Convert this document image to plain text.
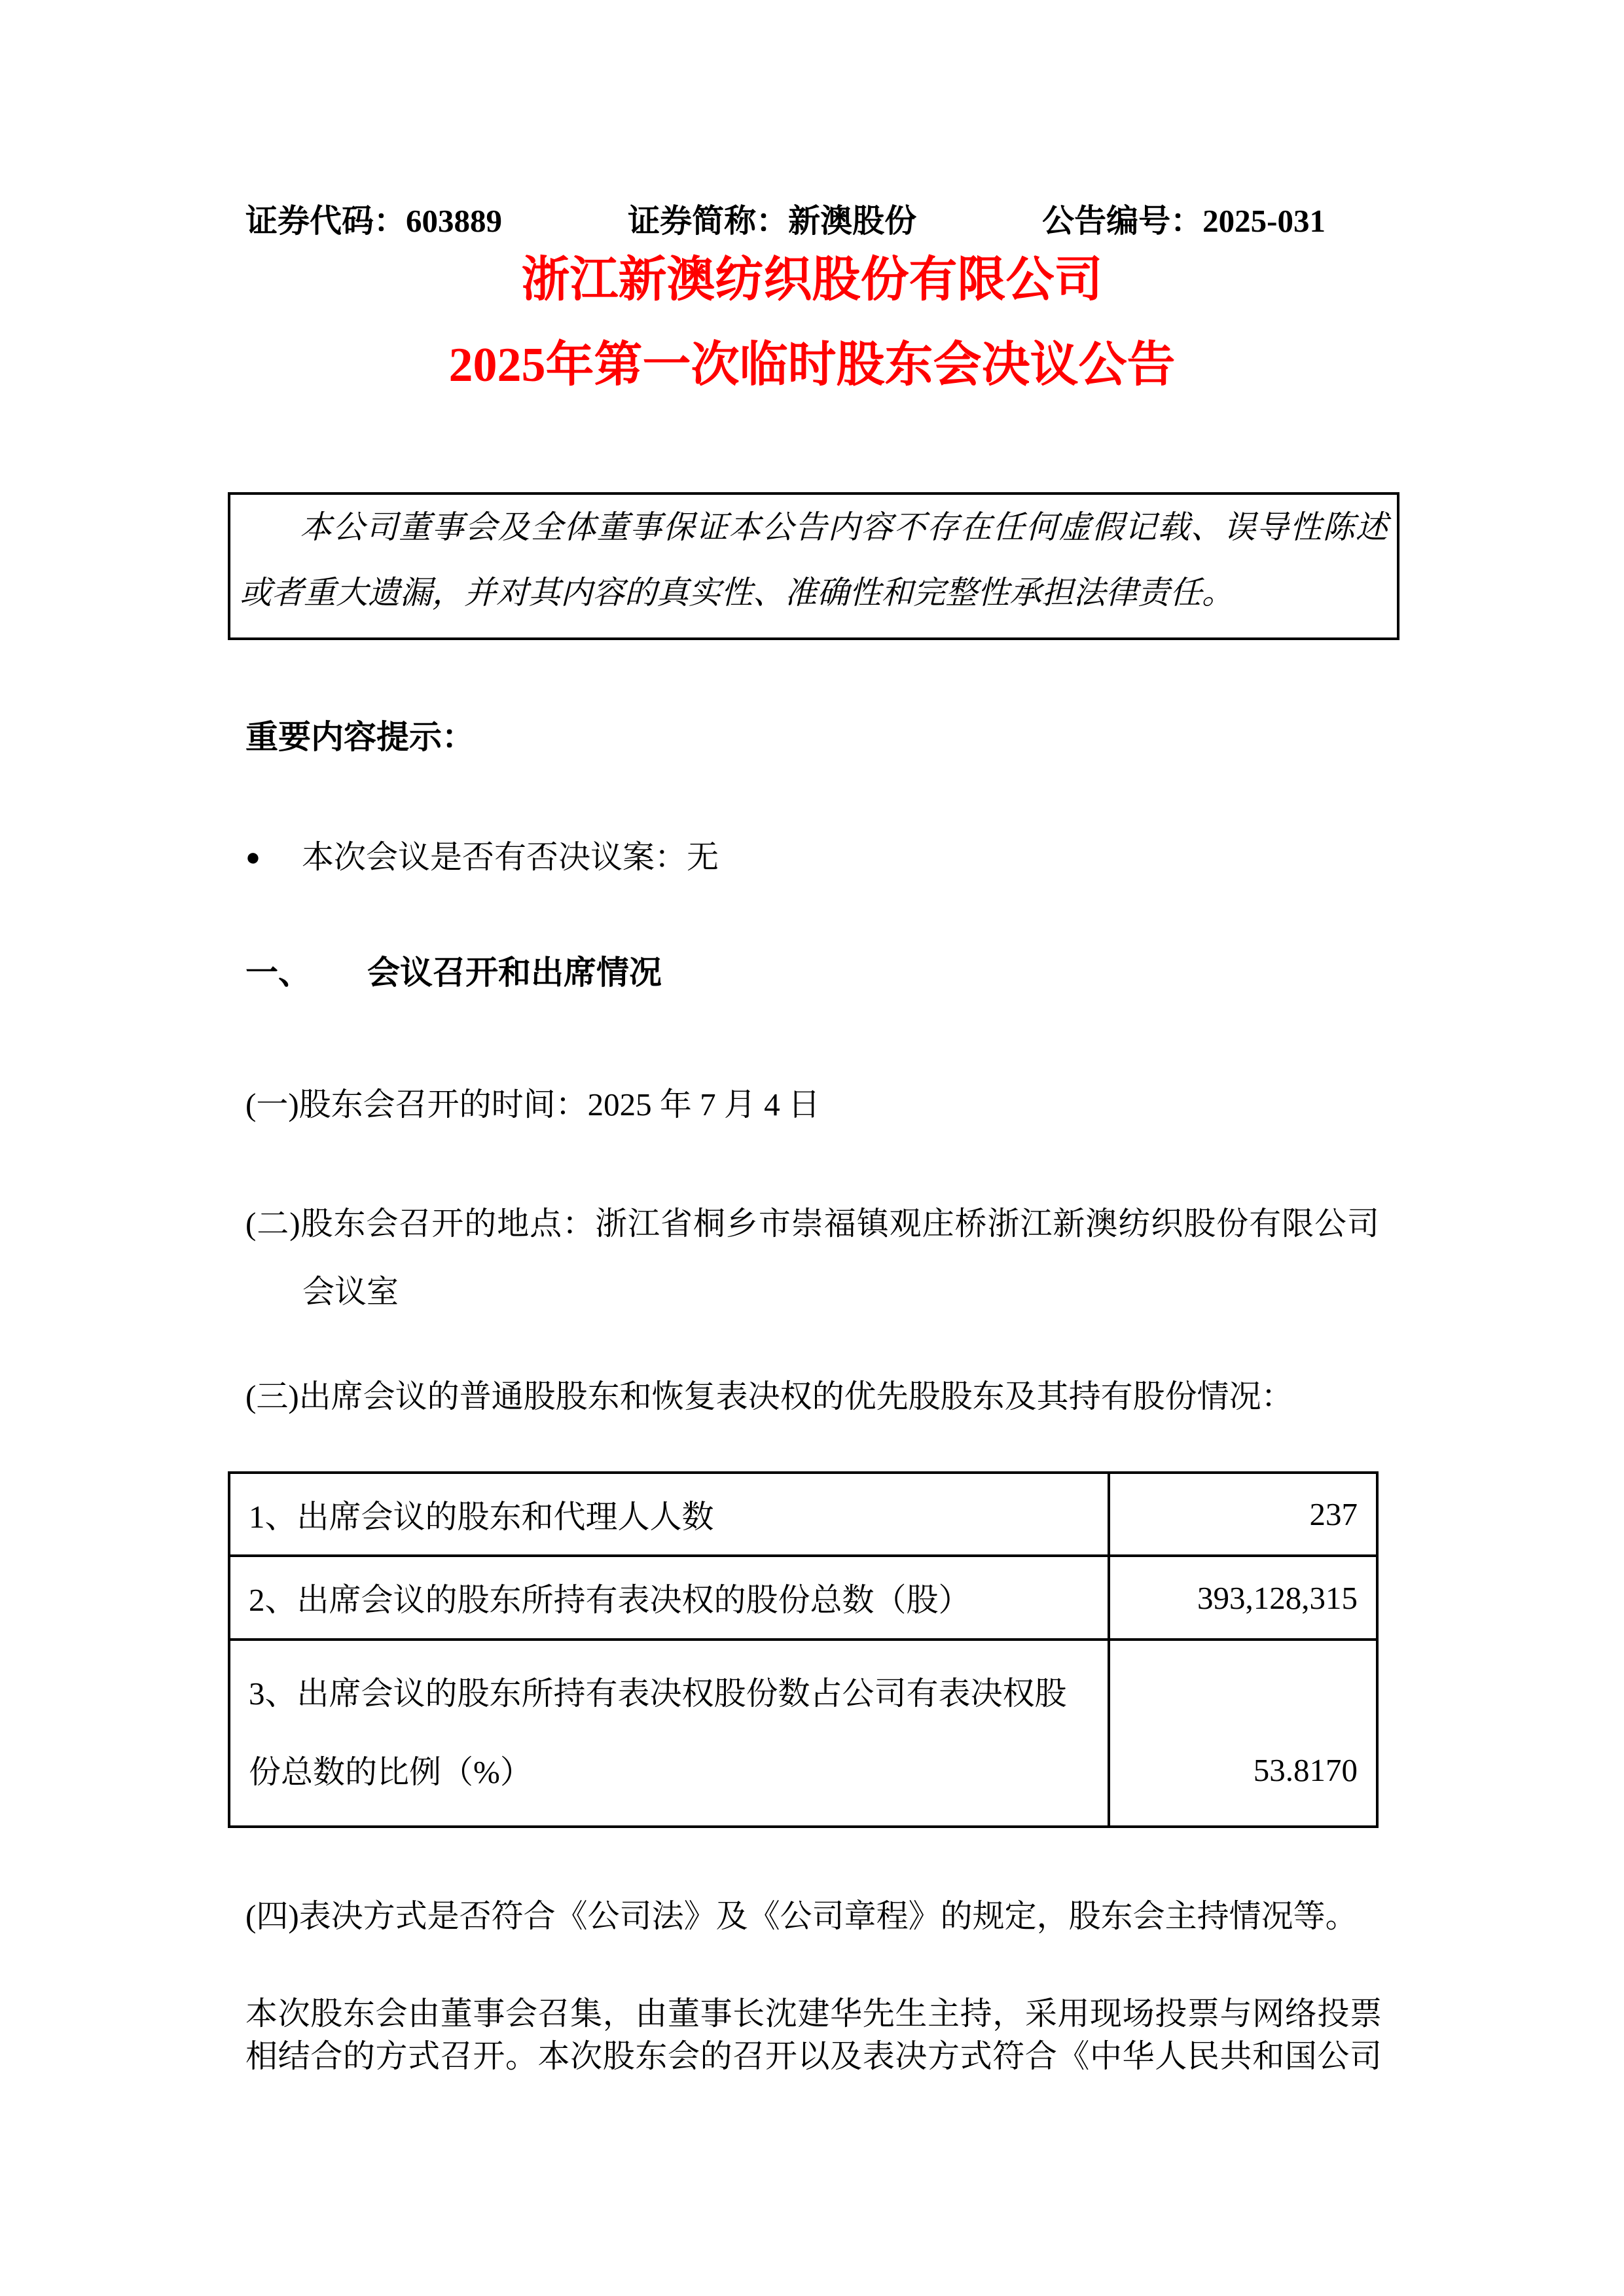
证券代码：603889	证券简称：新澳股份	公告编号：2025-031
浙江新澳纺织股份有限公司
2025年第一次临时股东会决议公告

本公司董事会及全体董事保证本公告内容不存在任何虚假记载、误导性陈述

或者重大遗漏，并对其内容的真实性、准确性和完整性承担法律责任。

重要内容提示：
●	本次会议是否有否决议案：无
一、 会议召开和出席情况
(一)股东会召开的时间：2025 年 7 月 4 日
(二)股东会召开的地点：浙江省桐乡市崇福镇观庄桥浙江新澳纺织股份有限公司
会议室
(三)出席会议的普通股股东和恢复表决权的优先股股东及其持有股份情况：
1、出席会议的股东和代理人人数	237
2、出席会议的股东所持有表决权的股份总数（股）	393,128,315

3、出席会议的股东所持有表决权股份数占公司有表决权股
份总数的比例（%）	53.8170
(四)表决方式是否符合《公司法》及《公司章程》的规定，股东会主持情况等。
本次股东会由董事会召集，由董事长沈建华先生主持，采用现场投票与网络投票
相结合的方式召开。本次股东会的召开以及表决方式符合《中华人民共和国公司
